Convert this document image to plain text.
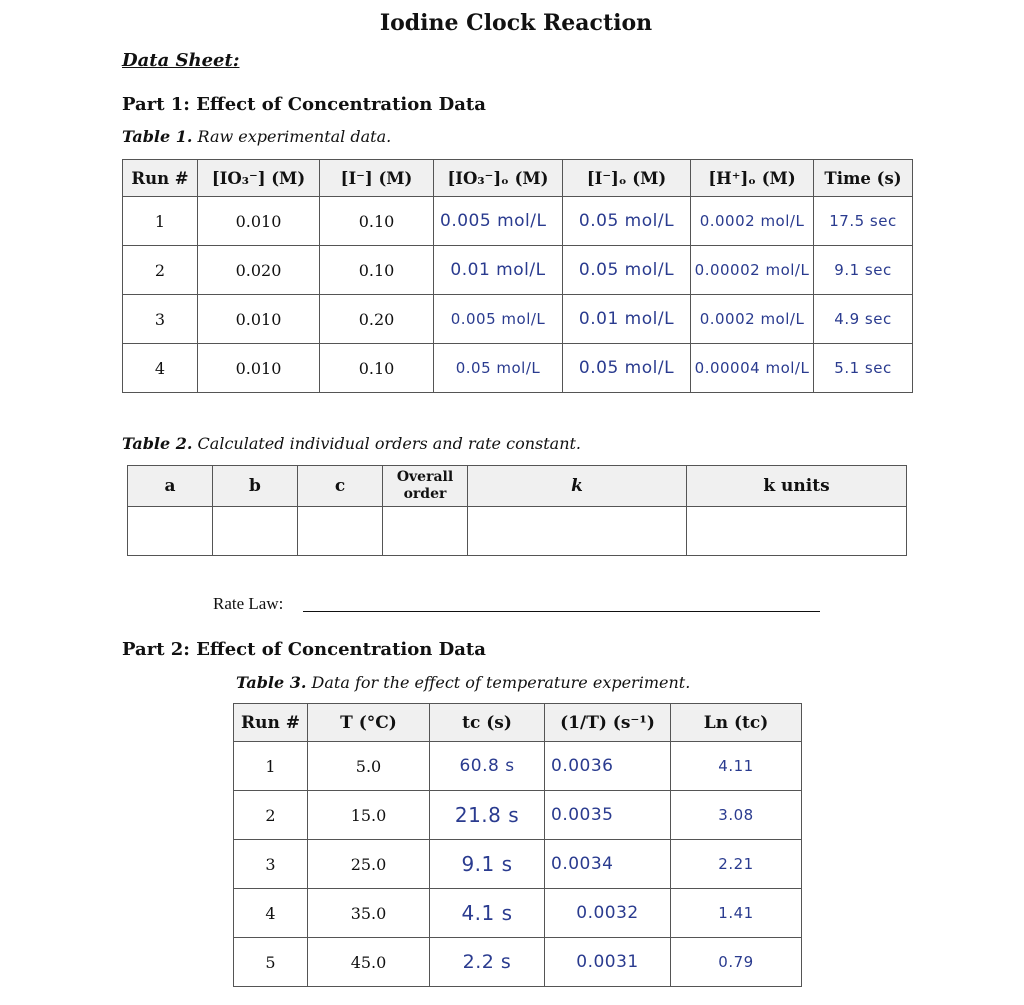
Iodine Clock Reaction
Data Sheet:
Part 1: Effect of Concentration Data
Table 1. Raw experimental data.
Run #	[IO₃⁻] (M)	[I⁻] (M)	[IO₃⁻]ₒ (M)	[I⁻]ₒ (M)	[H⁺]ₒ (M)	Time (s)
1	0.010	0.10	0.005 mol/L	0.05 mol/L	0.0002 mol/L	17.5 sec
2	0.020	0.10	0.01 mol/L	0.05 mol/L	0.00002 mol/L	9.1 sec
3	0.010	0.20	0.005 mol/L	0.01 mol/L	0.0002 mol/L	4.9 sec
4	0.010	0.10	0.05 mol/L	0.05 mol/L	0.00004 mol/L	5.1 sec
Table 2. Calculated individual orders and rate constant.
a	b	c	Overall order	k	k units

Rate Law:
Part 2: Effect of Concentration Data
Table 3. Data for the effect of temperature experiment.
Run #	T (°C)	tc (s)	(1/T) (s⁻¹)	Ln (tc)
1	5.0	60.8 s	0.0036	4.11
2	15.0	21.8 s	0.0035	3.08
3	25.0	9.1 s	0.0034	2.21
4	35.0	4.1 s	0.0032	1.41
5	45.0	2.2 s	0.0031	0.79
